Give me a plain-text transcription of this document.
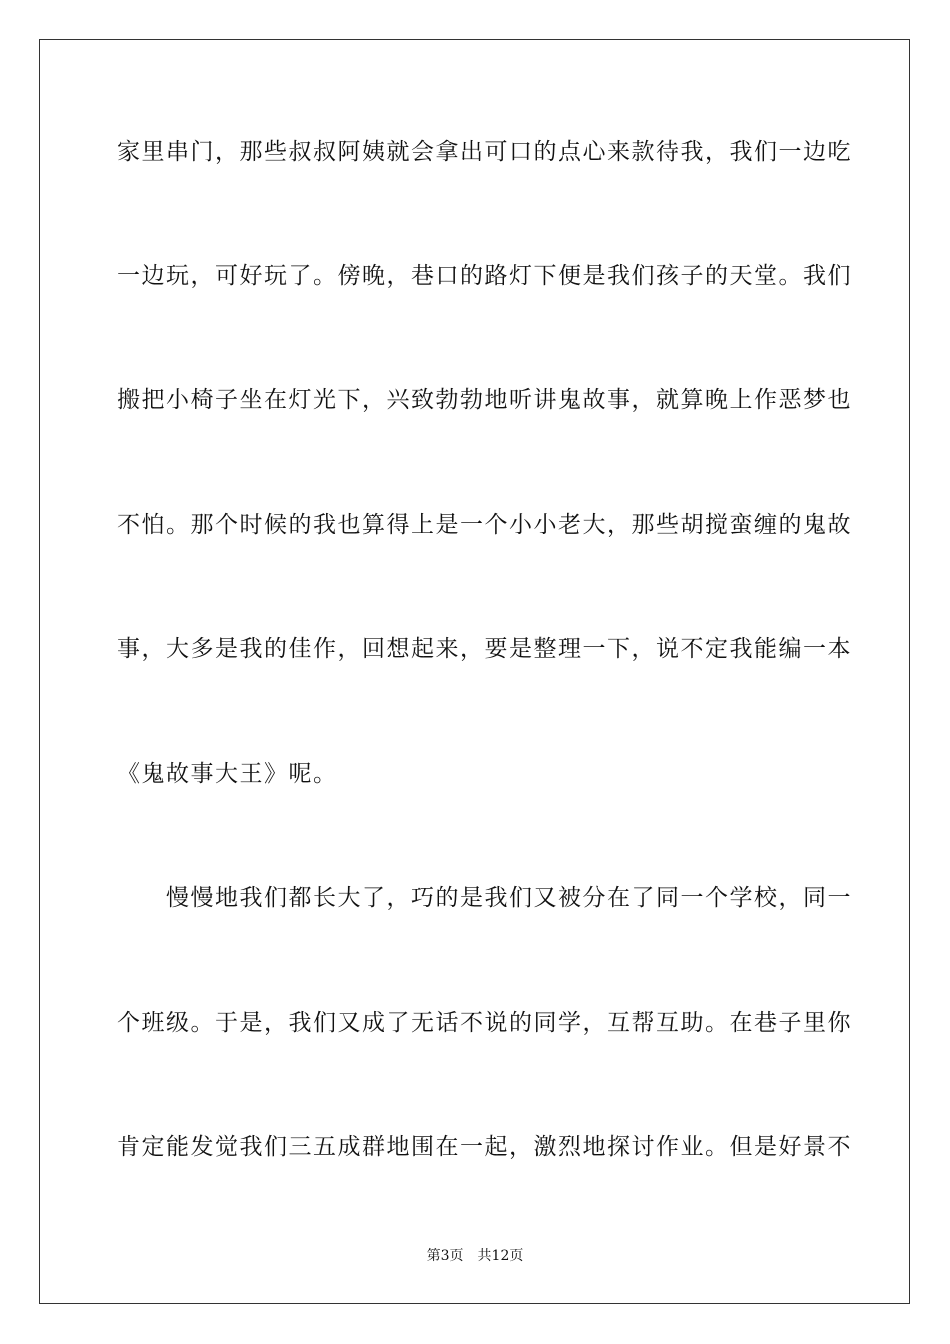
家里串门，那些叔叔阿姨就会拿出可口的点心来款待我，我们一边吃
一边玩，可好玩了。傍晚，巷口的路灯下便是我们孩子的天堂。我们
搬把小椅子坐在灯光下，兴致勃勃地听讲鬼故事，就算晚上作恶梦也
不怕。那个时候的我也算得上是一个小小老大，那些胡搅蛮缠的鬼故
事，大多是我的佳作，回想起来，要是整理一下，说不定我能编一本
《鬼故事大王》呢。
　　慢慢地我们都长大了，巧的是我们又被分在了同一个学校，同一
个班级。于是，我们又成了无话不说的同学，互帮互助。在巷子里你
肯定能发觉我们三五成群地围在一起，激烈地探讨作业。但是好景不
第3页　共12页
